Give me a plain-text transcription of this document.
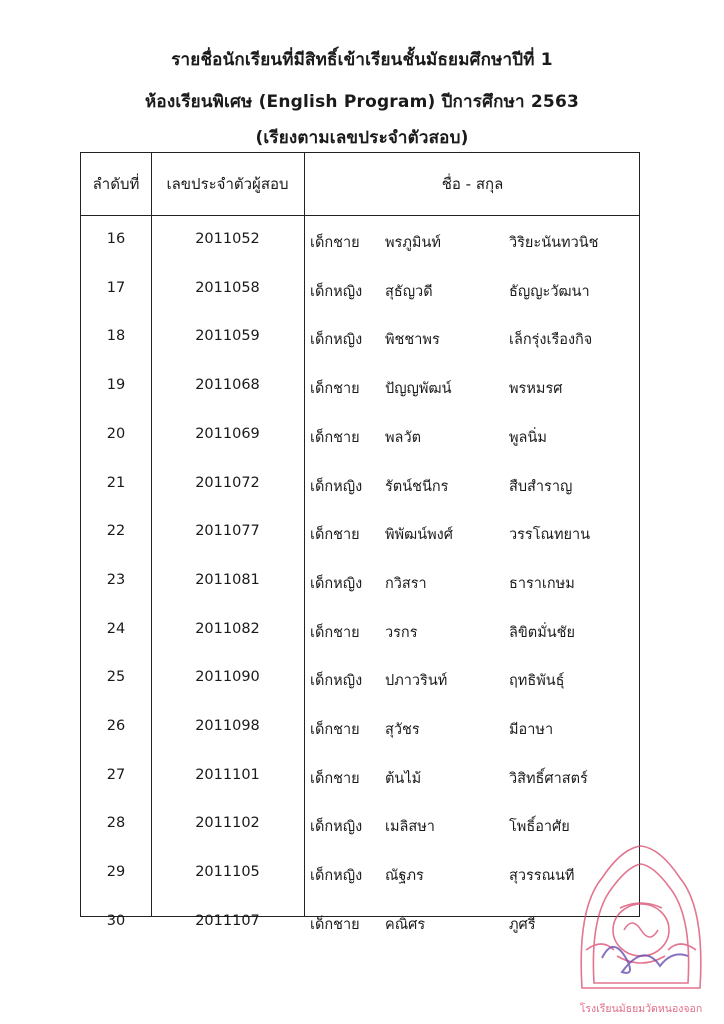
รายชื่อนักเรียนที่มีสิทธิ์เข้าเรียนชั้นมัธยมศึกษาปีที่ 1
ห้องเรียนพิเศษ (English Program) ปีการศึกษา 2563
(เรียงตามเลขประจำตัวสอบ)
ลำดับที่	เลขประจำตัวผู้สอบ	ชื่อ - สกุล
16	2011052	เด็กชาย พรภูมินท์	วิริยะนันทวนิช
17	2011058	เด็กหญิง สุธัญวดี	ธัญญะวัฒนา
18	2011059	เด็กหญิง พิชชาพร	เล็กรุ่งเรืองกิจ
19	2011068	เด็กชาย ปัญญพัฒน์	พรหมรศ
20	2011069	เด็กชาย พลวัต	พูลนิ่ม
21	2011072	เด็กหญิง รัตน์ชนีกร	สืบสำราญ
22	2011077	เด็กชาย พิพัฒน์พงศ์	วรรโณทยาน
23	2011081	เด็กหญิง กวิสรา	ธาราเกษม
24	2011082	เด็กชาย วรกร	ลิขิตมั่นชัย
25	2011090	เด็กหญิง ปภาวรินท์	ฤทธิพันธุ์
26	2011098	เด็กชาย สุวัชร	มีอาษา
27	2011101	เด็กชาย ต้นไม้	วิสิทธิ์ศาสตร์
28	2011102	เด็กหญิง เมลิสษา	โพธิ์อาศัย
29	2011105	เด็กหญิง ณัฐภร	สุวรรณนที
30	2011107	เด็กชาย คณิศร	ภูศรี
โรงเรียนมัธยมวัดหนองจอก
